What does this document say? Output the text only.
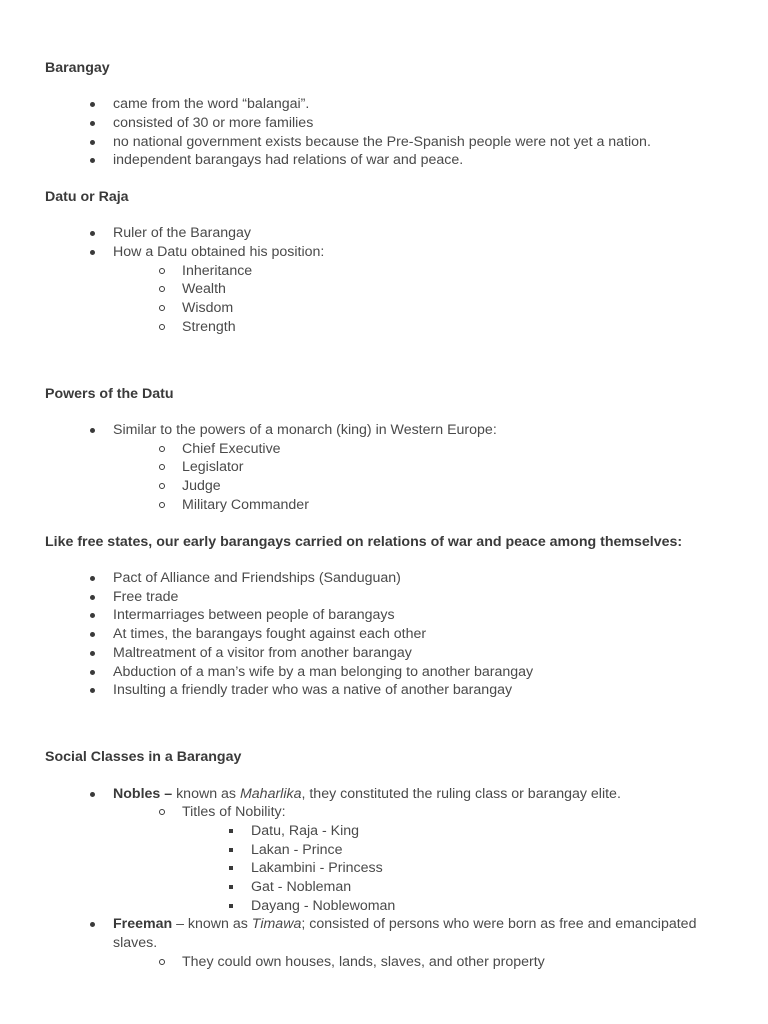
Barangay
came from the word “balangai”.
consisted of 30 or more families
no national government exists because the Pre-Spanish people were not yet a nation.
independent barangays had relations of war and peace.
Datu or Raja
Ruler of the Barangay
How a Datu obtained his position:
Inheritance
Wealth
Wisdom
Strength
Powers of the Datu
Similar to the powers of a monarch (king) in Western Europe:
Chief Executive
Legislator
Judge
Military Commander
Like free states, our early barangays carried on relations of war and peace among themselves:
Pact of Alliance and Friendships (Sanduguan)
Free trade
Intermarriages between people of barangays
At times, the barangays fought against each other
Maltreatment of a visitor from another barangay
Abduction of a man’s wife by a man belonging to another barangay
Insulting a friendly trader who was a native of another barangay
Social Classes in a Barangay
Nobles – known as Maharlika, they constituted the ruling class or barangay elite.
Titles of Nobility:
Datu, Raja - King
Lakan - Prince
Lakambini - Princess
Gat - Nobleman
Dayang - Noblewoman
Freeman – known as Timawa; consisted of persons who were born as free and emancipated
slaves.
They could own houses, lands, slaves, and other property
